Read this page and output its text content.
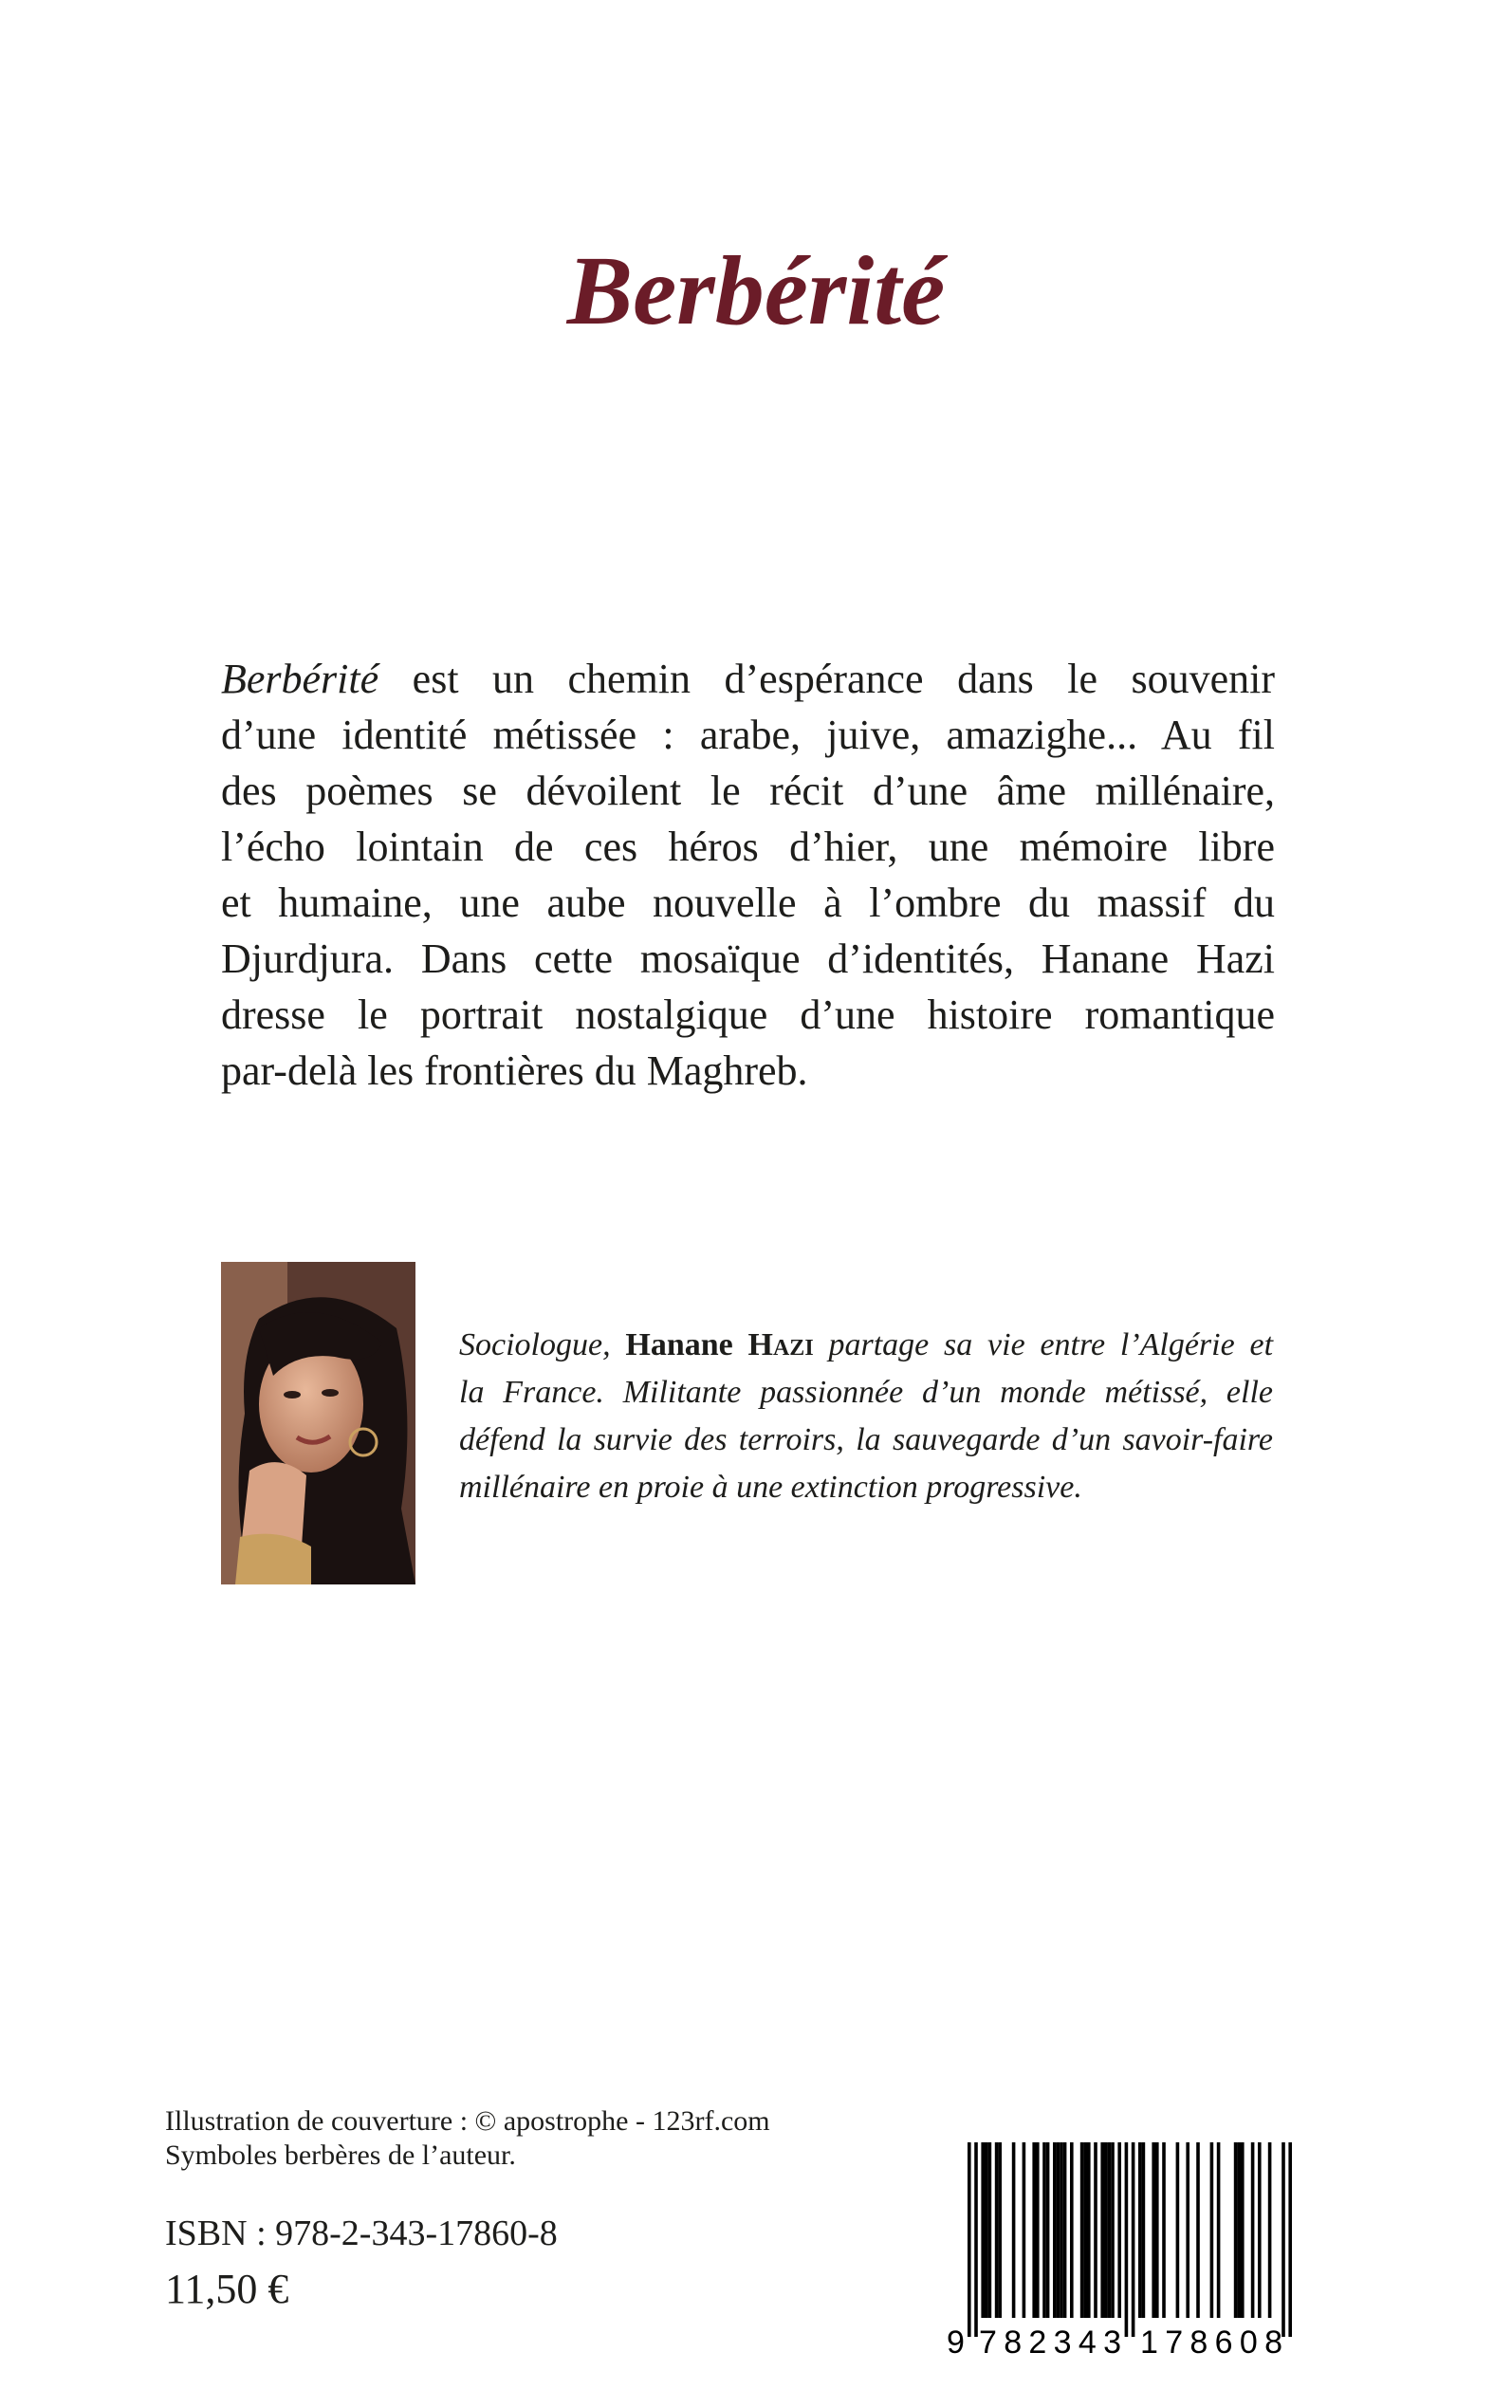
Berbérité

Berbérité est un chemin d’espérance dans le souvenir
d’une identité métissée : arabe, juive, amazighe... Au fil
des poèmes se dévoilent le récit d’une âme millénaire,
l’écho lointain de ces héros d’hier, une mémoire libre
et humaine, une aube nouvelle à l’ombre du massif du
Djurdjura. Dans cette mosaïque d’identités, Hanane Hazi
dresse le portrait nostalgique d’une histoire romantique
par-delà les frontières du Maghreb.

Sociologue, Hanane Hazi partage sa vie entre l’Algérie et
la France. Militante passionnée d’un monde métissé, elle
défend la survie des terroirs, la sauvegarde d’un savoir-faire
millénaire en proie à une extinction progressive.

Illustration de couverture : © apostrophe - 123rf.com
Symboles berbères de l’auteur.
ISBN : 978-2-343-17860-8
11,50 €
9 782343 178608
